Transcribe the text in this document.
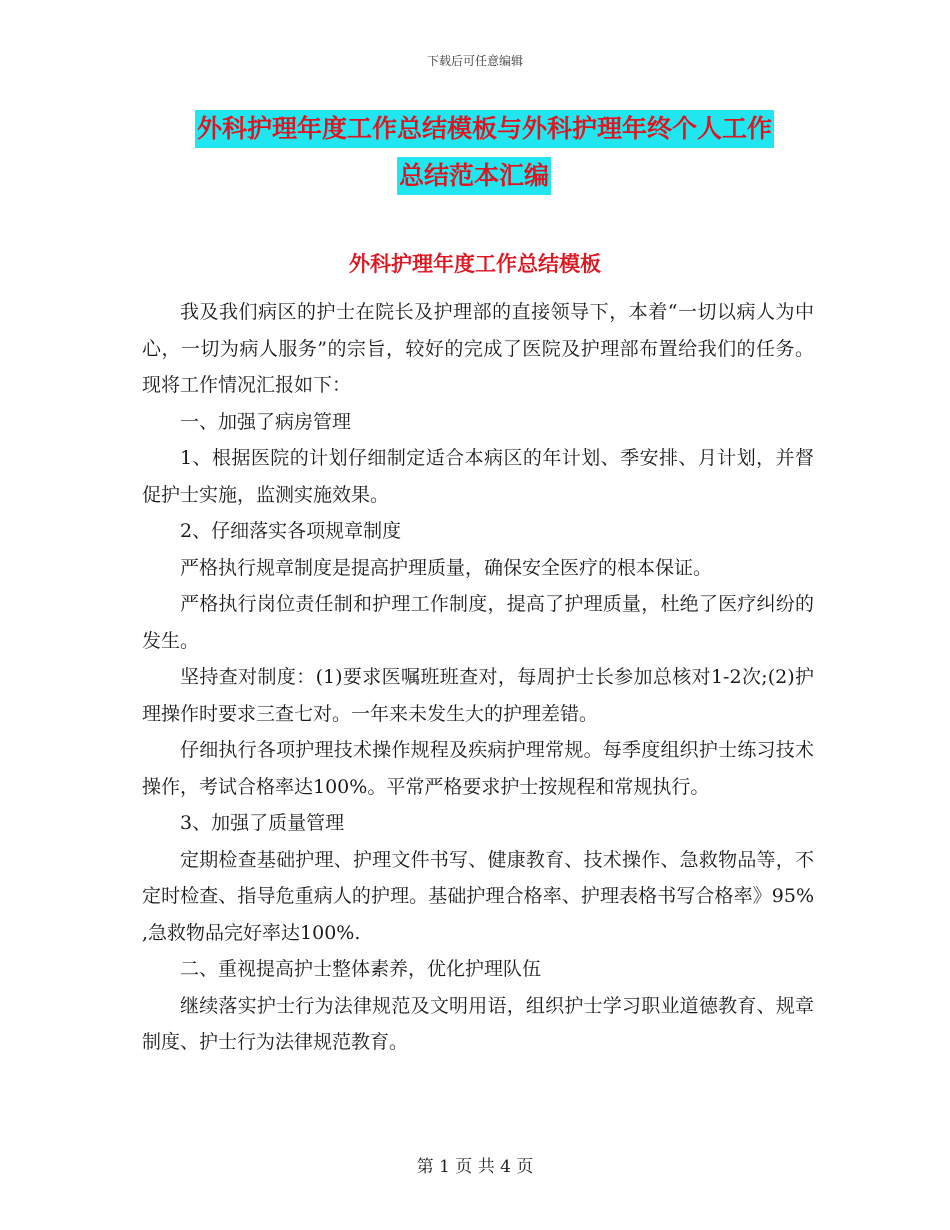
下载后可任意编辑
外科护理年度工作总结模板与外科护理年终个人工作
总结范本汇编
外科护理年度工作总结模板

我及我们病区的护士在院长及护理部的直接领导下，本着“一切以病人为中心，一切为病人服务”的宗旨，较好的完成了医院及护理部布置给我们的任务。现将工作情况汇报如下：

一、加强了病房管理

1、根据医院的计划仔细制定适合本病区的年计划、季安排、月计划，并督促护士实施，监测实施效果。

2、仔细落实各项规章制度

严格执行规章制度是提高护理质量，确保安全医疗的根本保证。

严格执行岗位责任制和护理工作制度，提高了护理质量，杜绝了医疗纠纷的发生。

坚持查对制度：(1)要求医嘱班班查对，每周护士长参加总核对1-2次;(2)护理操作时要求三查七对。一年来未发生大的护理差错。

仔细执行各项护理技术操作规程及疾病护理常规。每季度组织护士练习技术操作，考试合格率达100%。平常严格要求护士按规程和常规执行。

3、加强了质量管理

定期检查基础护理、护理文件书写、健康教育、技术操作、急救物品等，不定时检查、指导危重病人的护理。基础护理合格率、护理表格书写合格率》95% ,急救物品完好率达100%.

二、重视提高护士整体素养，优化护理队伍

继续落实护士行为法律规范及文明用语，组织护士学习职业道德教育、规章制度、护士行为法律规范教育。

第 1 页 共 4 页
